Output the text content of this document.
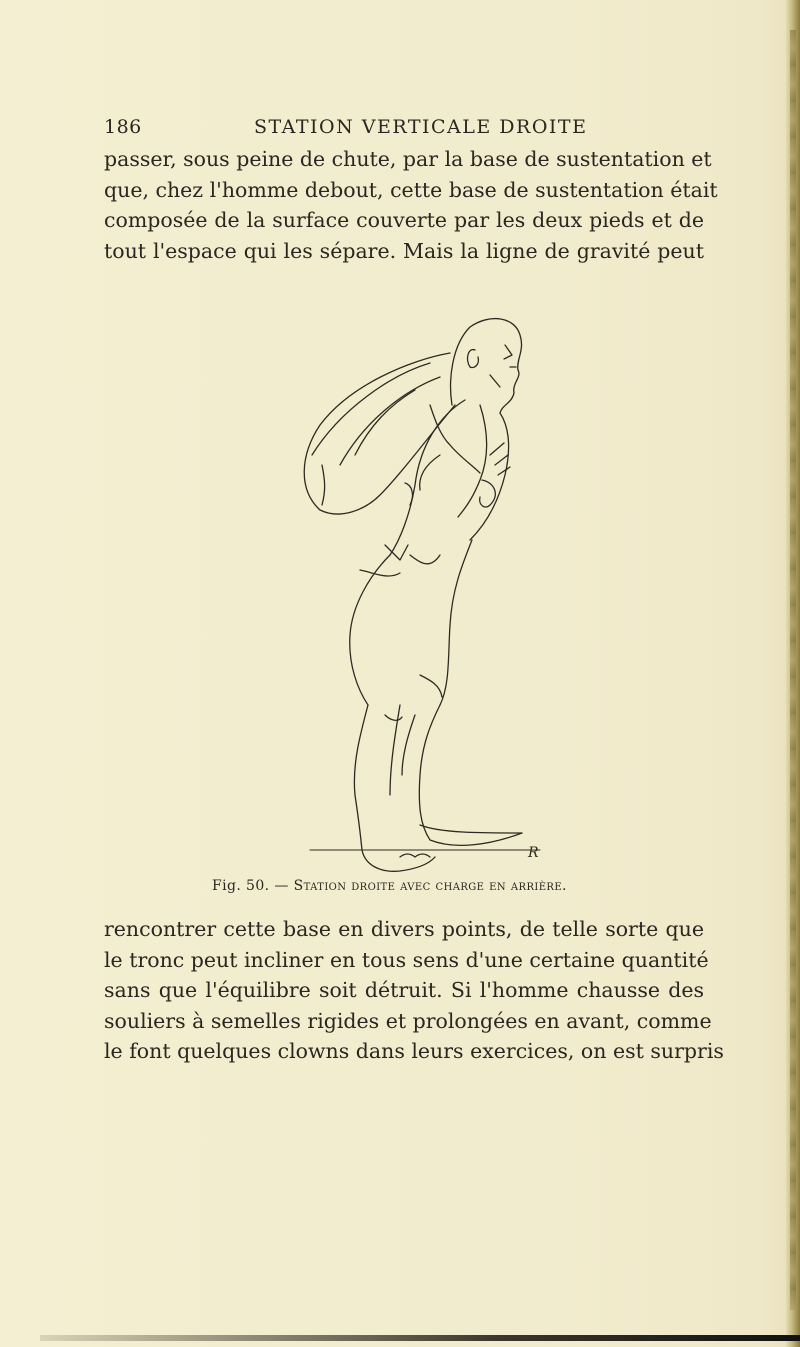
186	STATION VERTICALE DROITE

passer, sous peine de chute, par la base de sustentation et
que, chez l'homme debout, cette base de sustentation était
composée de la surface couverte par les deux pieds et de
tout l'espace qui les sépare. Mais la ligne de gravité peut

R
Fig. 50. — Station droite avec charge en arrière.

rencontrer cette base en divers points, de telle sorte que
le tronc peut incliner en tous sens d'une certaine quantité
sans que l'équilibre soit détruit. Si l'homme chausse des
souliers à semelles rigides et prolongées en avant, comme
le font quelques clowns dans leurs exercices, on est surpris
